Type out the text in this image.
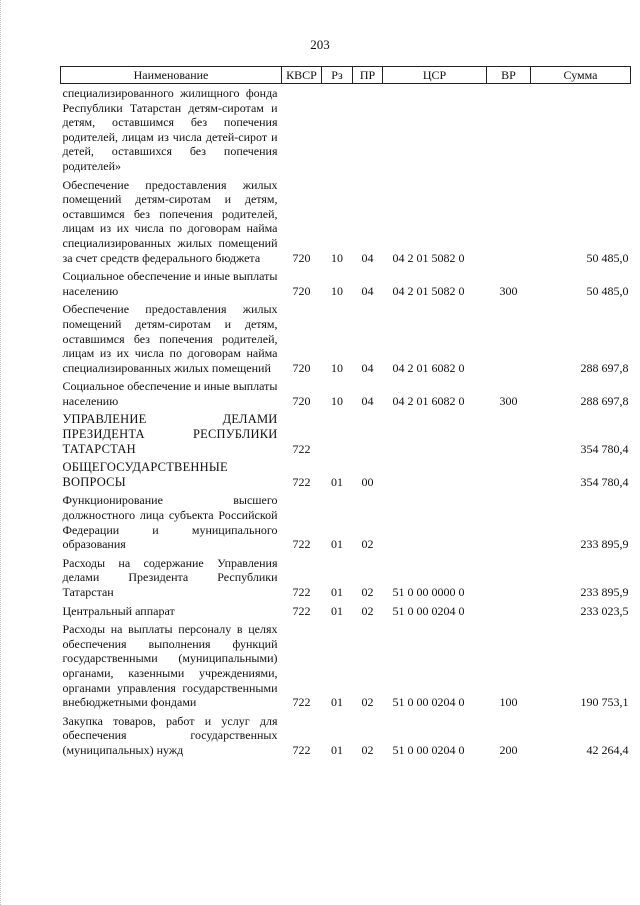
203
Наименование	КВСР	Рз	ПР	ЦСР	ВР	Сумма

специализированного жилищного фонда Республики Татарстан детям-сиротам и детям, оставшимся без попечения родителей, лицам из числа детей-сирот и детей, оставшихся без попечения родителей»						

Обеспечение предоставления жилых помещений детям-сиротам и детям, оставшимся без попечения родителей, лицам из их числа по договорам найма специализированных жилых помещений за счет средств федерального бюджета	720	10	04	04 2 01 5082 0		50 485,0

Социальное обеспечение и иные выплаты населению	720	10	04	04 2 01 5082 0	300	50 485,0

Обеспечение предоставления жилых помещений детям-сиротам и детям, оставшимся без попечения родителей, лицам из их числа по договорам найма специализированных жилых помещений	720	10	04	04 2 01 6082 0		288 697,8

Социальное обеспечение и иные выплаты населению	720	10	04	04 2 01 6082 0	300	288 697,8

УПРАВЛЕНИЕ ДЕЛАМИ ПРЕЗИДЕНТА РЕСПУБЛИКИ ТАТАРСТАН	722					354 780,4

ОБЩЕГОСУДАРСТВЕННЫЕ ВОПРОСЫ	722	01	00			354 780,4

Функционирование высшего должностного лица субъекта Российской Федерации и муниципального образования	722	01	02			233 895,9

Расходы на содержание Управления делами Президента Республики Татарстан	722	01	02	51 0 00 0000 0		233 895,9

Центральный аппарат	722	01	02	51 0 00 0204 0		233 023,5

Расходы на выплаты персоналу в целях обеспечения выполнения функций государственными (муниципальными) органами, казенными учреждениями, органами управления государственными внебюджетными фондами	722	01	02	51 0 00 0204 0	100	190 753,1

Закупка товаров, работ и услуг для обеспечения государственных (муниципальных) нужд	722	01	02	51 0 00 0204 0	200	42 264,4
